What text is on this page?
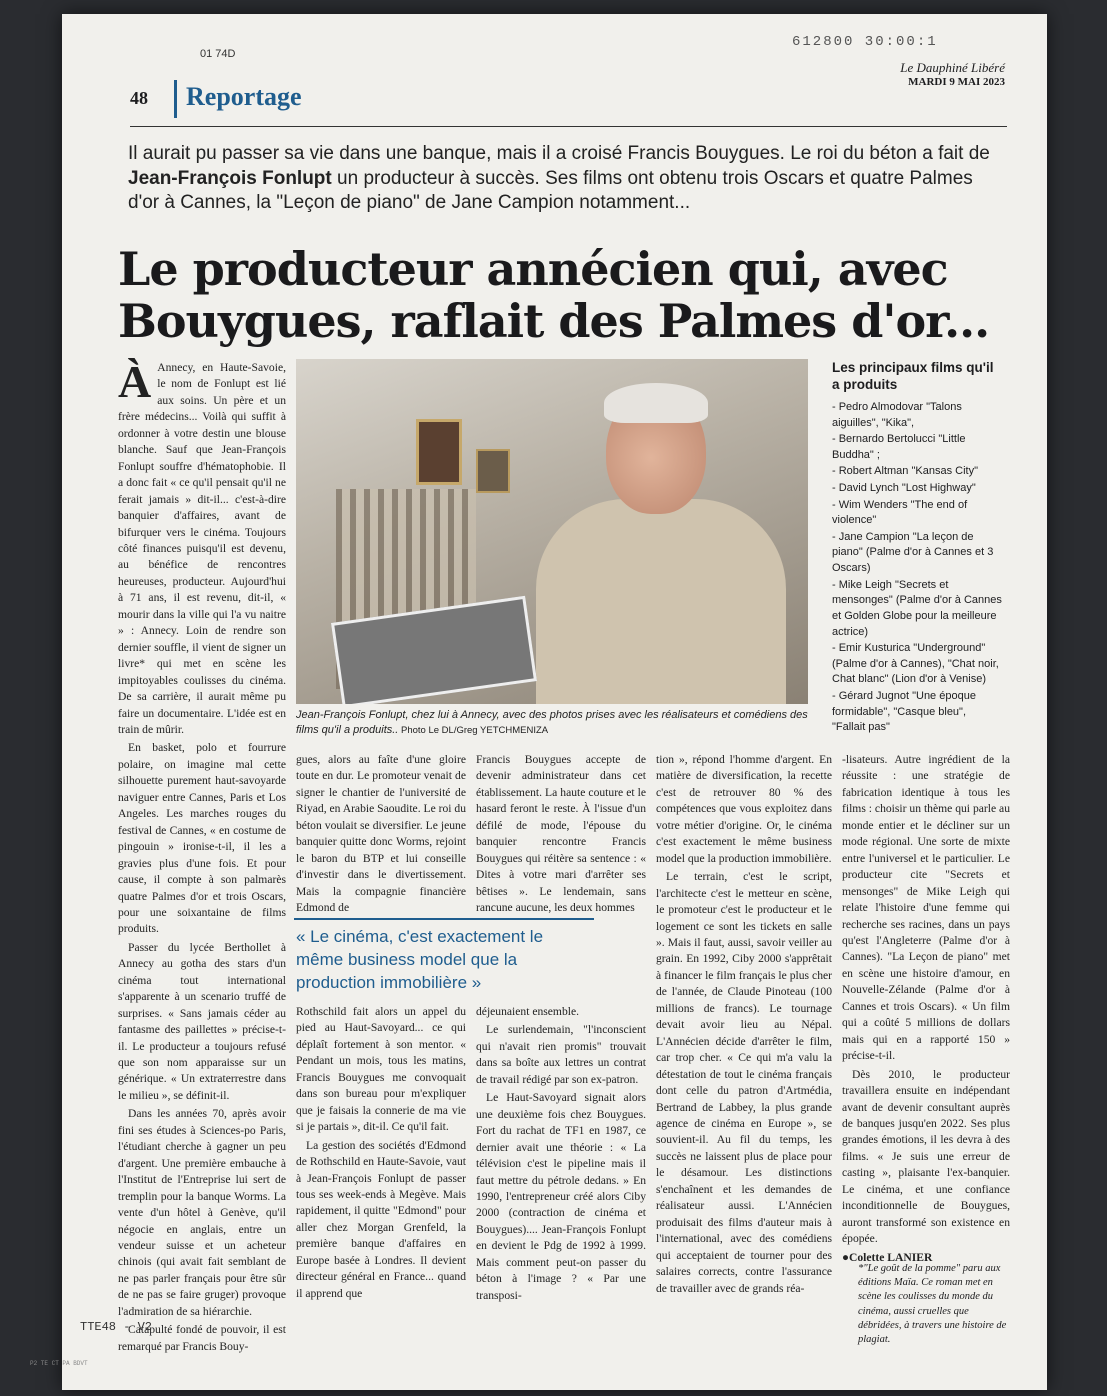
01 74D
612800 30:00:1
48 Reportage
Le Dauphiné Libéré
MARDI 9 MAI 2023
Il aurait pu passer sa vie dans une banque, mais il a croisé Francis Bouygues. Le roi du béton a fait de Jean-François Fonlupt un producteur à succès. Ses films ont obtenu trois Oscars et quatre Palmes d'or à Cannes, la "Leçon de piano" de Jane Campion notamment...
Le producteur annécien qui, avec Bouygues, raflait des Palmes d'or...

À Annecy, en Haute-Savoie, le nom de Fonlupt est lié aux soins. Un père et un frère médecins... Voilà qui suffit à ordonner à votre destin une blouse blanche. Sauf que Jean-François Fonlupt souffre d'hématophobie. Il a donc fait « ce qu'il pensait qu'il ne ferait jamais » dit-il... c'est-à-dire banquier d'affaires, avant de bifurquer vers le cinéma. Toujours côté finances puisqu'il est devenu, au bénéfice de rencontres heureuses, producteur. Aujourd'hui à 71 ans, il est revenu, dit-il, « mourir dans la ville qui l'a vu naitre » : Annecy. Loin de rendre son dernier souffle, il vient de signer un livre* qui met en scène les impitoyables coulisses du cinéma. De sa carrière, il aurait même pu faire un documentaire. L'idée est en train de mûrir.

En basket, polo et fourrure polaire, on imagine mal cette silhouette purement haut-savoyarde naviguer entre Cannes, Paris et Los Angeles. Les marches rouges du festival de Cannes, « en costume de pingouin » ironise-t-il, il les a gravies plus d'une fois. Et pour cause, il compte à son palmarès quatre Palmes d'or et trois Oscars, pour une soixantaine de films produits.

Passer du lycée Berthollet à Annecy au gotha des stars d'un cinéma tout international s'apparente à un scenario truffé de surprises. « Sans jamais céder au fantasme des paillettes » précise-t-il. Le producteur a toujours refusé que son nom apparaisse sur un générique. « Un extraterrestre dans le milieu », se définit-il.

Dans les années 70, après avoir fini ses études à Sciences-po Paris, l'étudiant cherche à gagner un peu d'argent. Une première embauche à l'Institut de l'Entreprise lui sert de tremplin pour la banque Worms. La vente d'un hôtel à Genève, qu'il négocie en anglais, entre un vendeur suisse et un acheteur chinois (qui avait fait semblant de ne pas parler français pour être sûr de ne pas se faire gruger) provoque l'admiration de sa hiérarchie.

Catapulté fondé de pouvoir, il est remarqué par Francis Bouy-

Jean-François Fonlupt, chez lui à Annecy, avec des photos prises avec les réalisateurs et comédiens des films qu'il a produits.. Photo Le DL/Greg YETCHMENIZA
Les principaux films qu'il a produits
- Pedro Almodovar "Talons aiguilles", "Kika",
- Bernardo Bertolucci "Little Buddha" ;
- Robert Altman "Kansas City"
- David Lynch "Lost Highway"
- Wim Wenders "The end of violence"
- Jane Campion "La leçon de piano" (Palme d'or à Cannes et 3 Oscars)
- Mike Leigh "Secrets et mensonges" (Palme d'or à Cannes et Golden Globe pour la meilleure actrice)
- Emir Kusturica "Underground" (Palme d'or à Cannes), "Chat noir, Chat blanc" (Lion d'or à Venise)
- Gérard Jugnot "Une époque formidable", "Casque bleu", "Fallait pas"

gues, alors au faîte d'une gloire toute en dur. Le promoteur venait de signer le chantier de l'université de Riyad, en Arabie Saoudite. Le roi du béton voulait se diversifier. Le jeune banquier quitte donc Worms, rejoint le baron du BTP et lui conseille d'investir dans le divertissement. Mais la compagnie financière Edmond de

Rothschild fait alors un appel du pied au Haut-Savoyard... ce qui déplaît fortement à son mentor. « Pendant un mois, tous les matins, Francis Bouygues me convoquait dans son bureau pour m'expliquer que je faisais la connerie de ma vie si je partais », dit-il. Ce qu'il fait.

La gestion des sociétés d'Edmond de Rothschild en Haute-Savoie, vaut à Jean-François Fonlupt de passer tous ses week-ends à Megève. Mais rapidement, il quitte "Edmond" pour aller chez Morgan Grenfeld, la première banque d'affaires en Europe basée à Londres. Il devient directeur général en France... quand il apprend que

« Le cinéma, c'est exactement le même business model que la production immobilière »

Francis Bouygues accepte de devenir administrateur dans cet établissement. La haute couture et le hasard feront le reste. À l'issue d'un défilé de mode, l'épouse du banquier rencontre Francis Bouygues qui réitère sa sentence : « Dites à votre mari d'arrêter ses bêtises ». Le lendemain, sans rancune aucune, les deux hommes

déjeunaient ensemble.

Le surlendemain, "l'inconscient qui n'avait rien promis" trouvait dans sa boîte aux lettres un contrat de travail rédigé par son ex-patron.

Le Haut-Savoyard signait alors une deuxième fois chez Bouygues. Fort du rachat de TF1 en 1987, ce dernier avait une théorie : « La télévision c'est le pipeline mais il faut mettre du pétrole dedans. » En 1990, l'entrepreneur créé alors Ciby 2000 (contraction de cinéma et Bouygues).... Jean-François Fonlupt en devient le Pdg de 1992 à 1999. Mais comment peut-on passer du béton à l'image ? « Par une transposi-

tion », répond l'homme d'argent. En matière de diversification, la recette c'est de retrouver 80 % des compétences que vous exploitez dans votre métier d'origine. Or, le cinéma c'est exactement le même business model que la production immobilière.

Le terrain, c'est le script, l'architecte c'est le metteur en scène, le promoteur c'est le producteur et le logement ce sont les tickets en salle ». Mais il faut, aussi, savoir veiller au grain. En 1992, Ciby 2000 s'apprêtait à financer le film français le plus cher de l'année, de Claude Pinoteau (100 millions de francs). Le tournage devait avoir lieu au Népal. L'Annécien décide d'arrêter le film, car trop cher. « Ce qui m'a valu la détestation de tout le cinéma français dont celle du patron d'Artmédia, Bertrand de Labbey, la plus grande agence de cinéma en Europe », se souvient-il. Au fil du temps, les succès ne laissent plus de place pour le désamour. Les distinctions s'enchaînent et les demandes de réalisateur aussi. L'Annécien produisait des films d'auteur mais à l'international, avec des comédiens qui acceptaient de tourner pour des salaires corrects, contre l'assurance de travailler avec de grands réa-

-lisateurs. Autre ingrédient de la réussite : une stratégie de fabrication identique à tous les films : choisir un thème qui parle au monde entier et le décliner sur un mode régional. Une sorte de mixte entre l'universel et le particulier. Le producteur cite "Secrets et mensonges" de Mike Leigh qui relate l'histoire d'une femme qui recherche ses racines, dans un pays qu'est l'Angleterre (Palme d'or à Cannes). "La Leçon de piano" met en scène une histoire d'amour, en Nouvelle-Zélande (Palme d'or à Cannes et trois Oscars). « Un film qui a coûté 5 millions de dollars mais qui en a rapporté 150 » précise-t-il.

Dès 2010, le producteur travaillera ensuite en indépendant avant de devenir consultant auprès de banques jusqu'en 2022. Ses plus grandes émotions, il les devra à des films. « Je suis une erreur de casting », plaisante l'ex-banquier. Le cinéma, et une confiance inconditionnelle de Bouygues, auront transformé son existence en épopée.

●Colette LANIER

*"Le goût de la pomme" paru aux éditions Maïa. Ce roman met en scène les coulisses du monde du cinéma, aussi cruelles que débridées, à travers une histoire de plagiat.
TTE48 - V2
P2 TE CT PA BDVT
